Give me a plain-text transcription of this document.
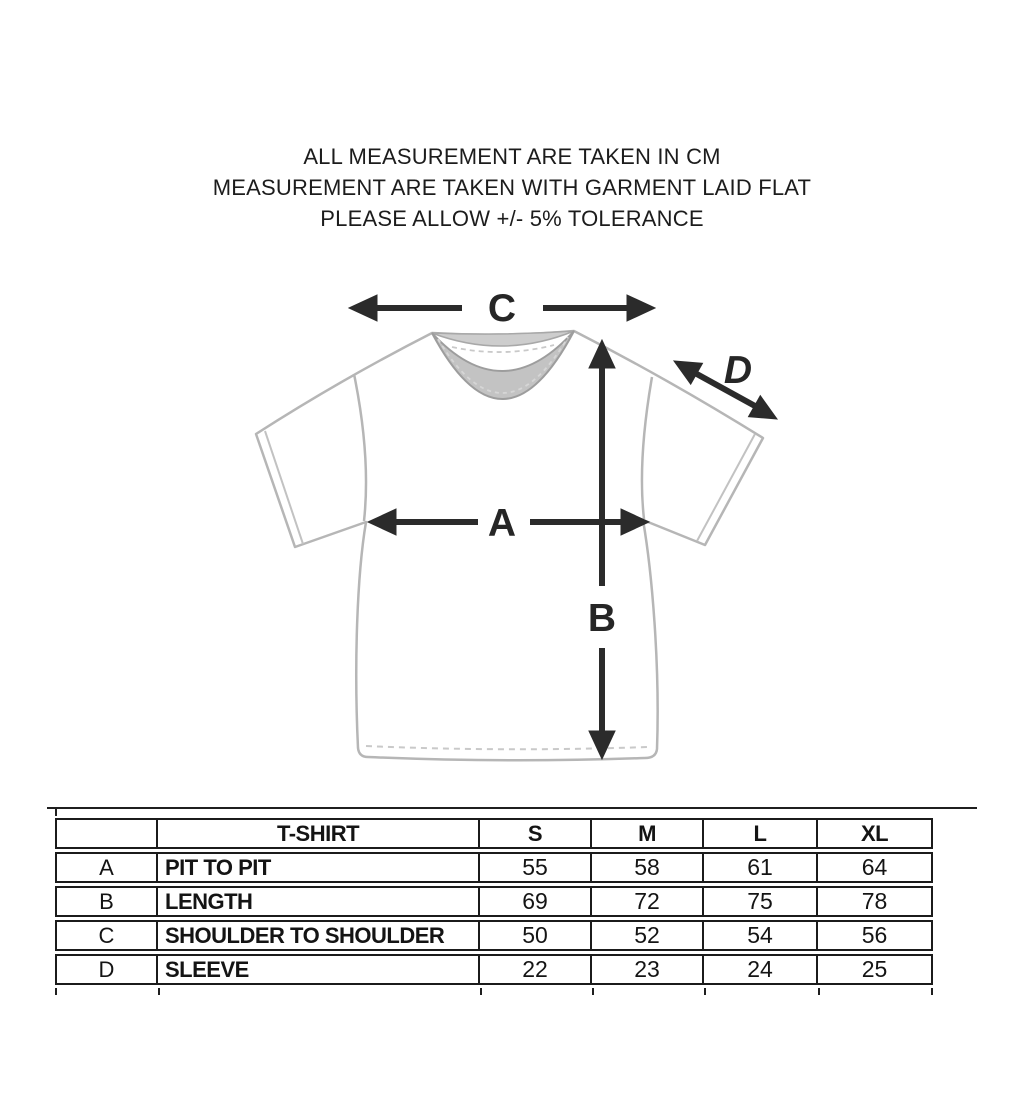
ALL MEASUREMENT ARE TAKEN IN CM
MEASUREMENT ARE TAKEN WITH GARMENT LAID FLAT
PLEASE ALLOW +/- 5% TOLERANCE
C
D
A
B
	T-SHIRT	S	M	L	XL
A	PIT TO PIT	55	58	61	64
B	LENGTH	69	72	75	78
C	SHOULDER TO SHOULDER	50	52	54	56
D	SLEEVE	22	23	24	25
